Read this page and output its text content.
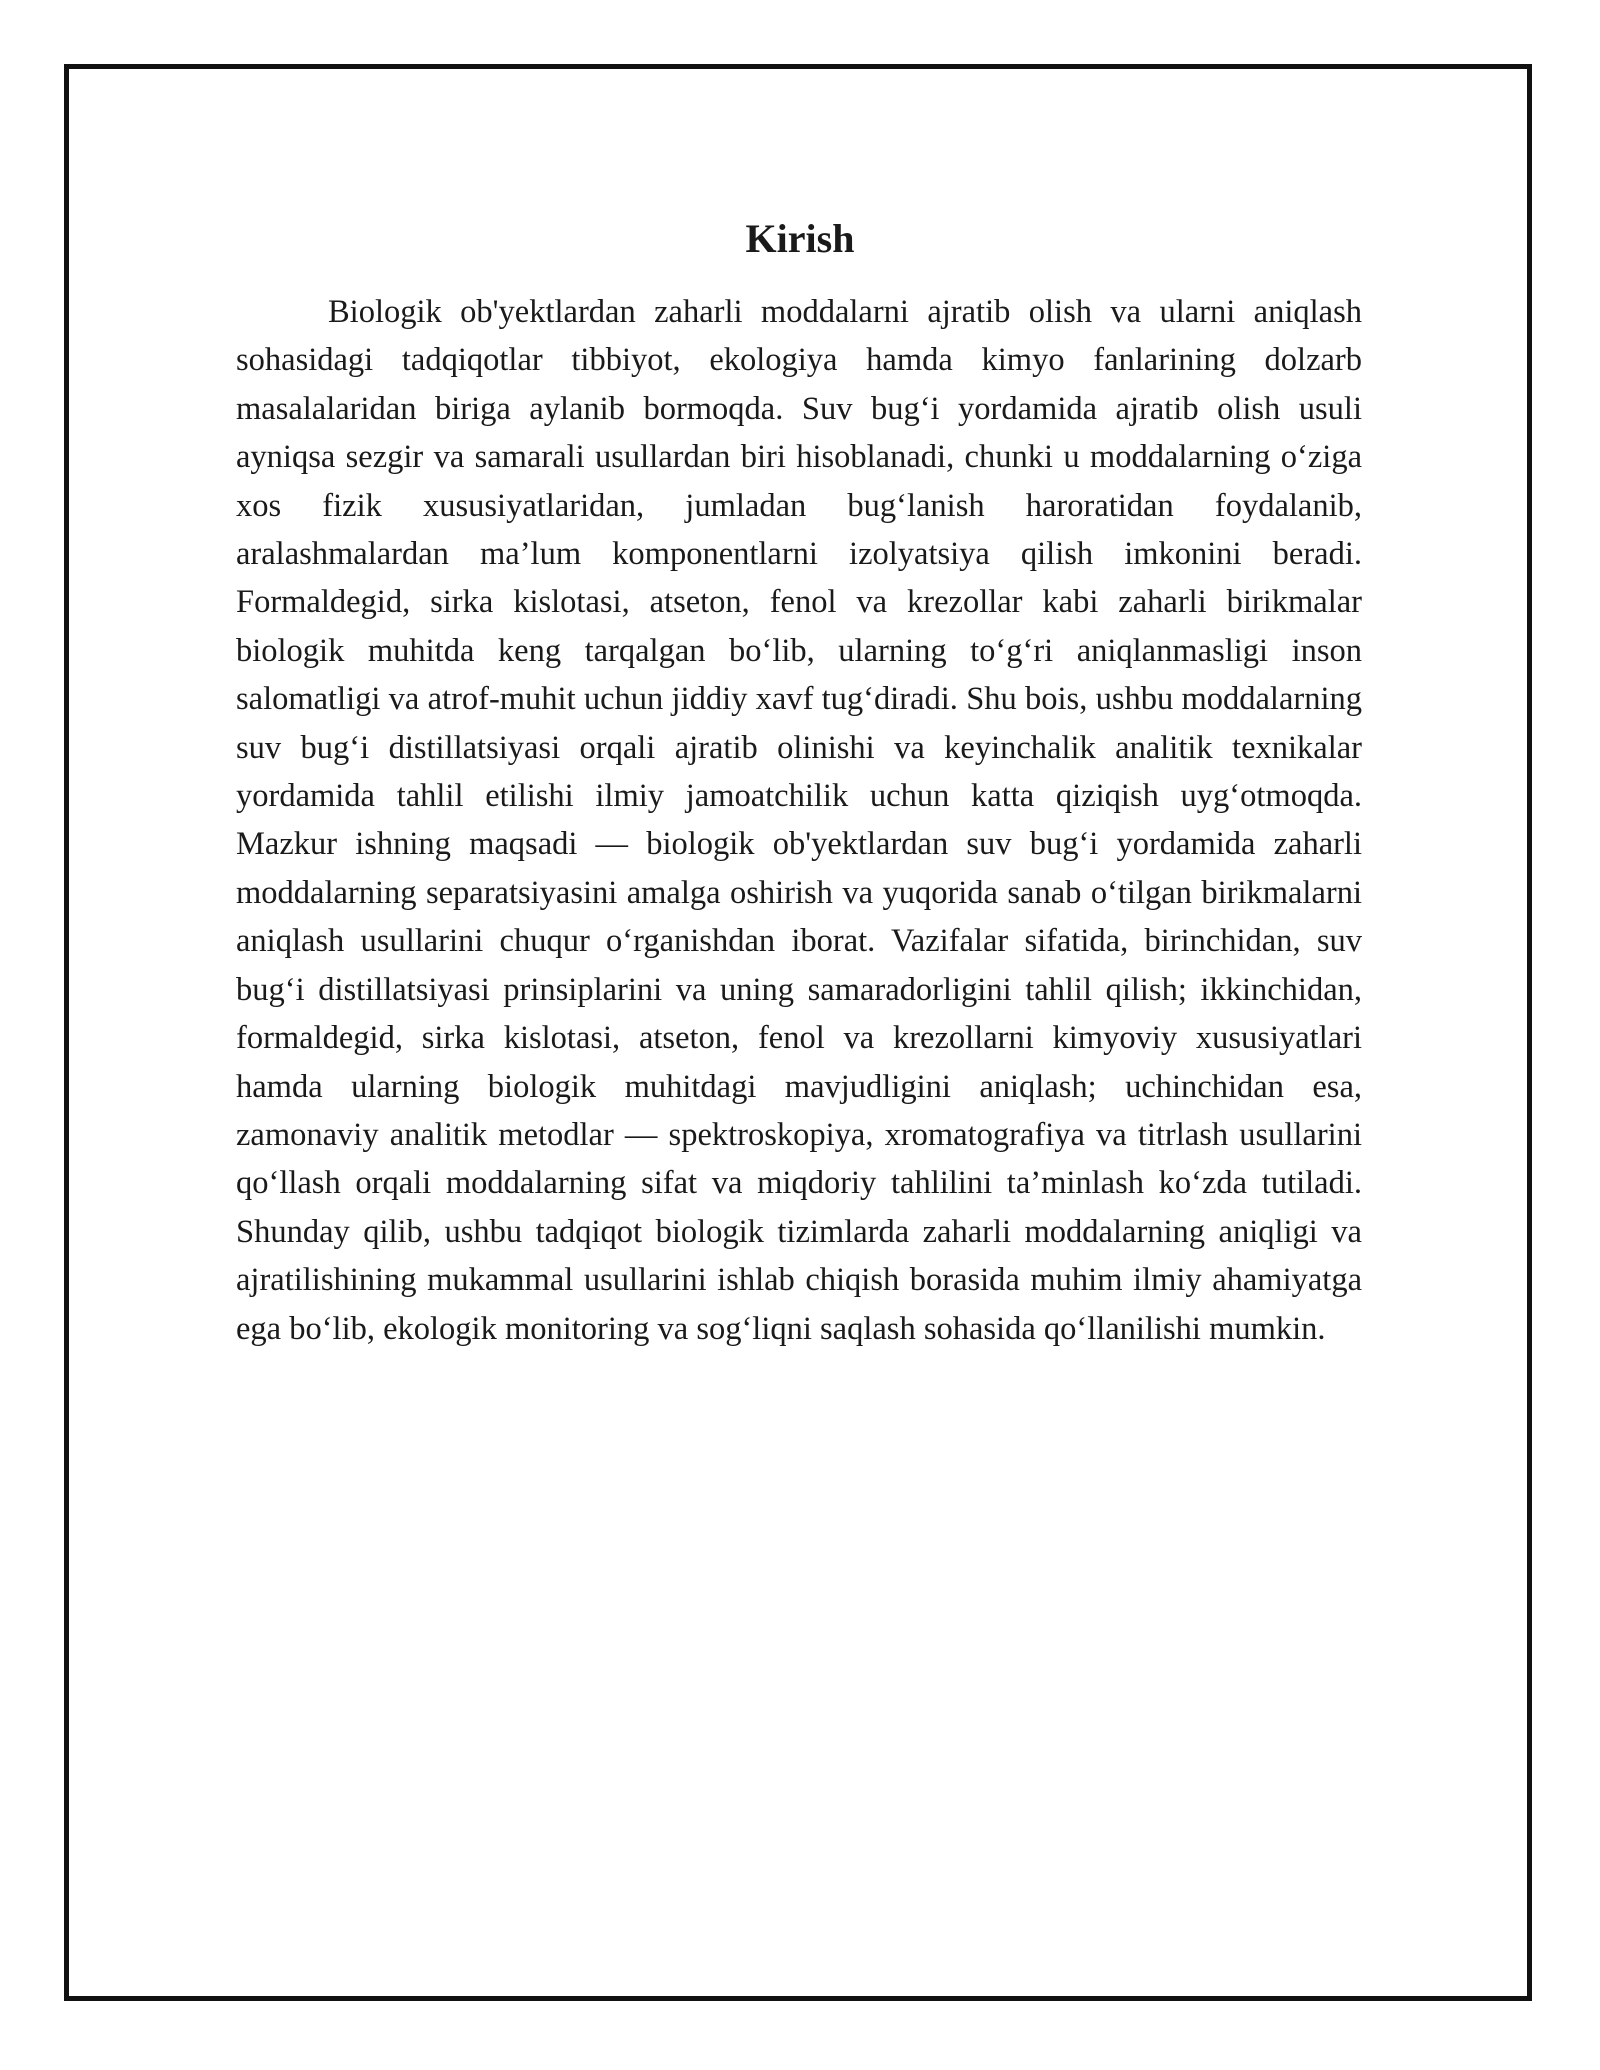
Kirish

Biologik ob'yektlardan zaharli moddalarni ajratib olish va ularni aniqlash sohasidagi tadqiqotlar tibbiyot, ekologiya hamda kimyo fanlarining dolzarb masalalaridan biriga aylanib bormoqda. Suv bug‘i yordamida ajratib olish usuli ayniqsa sezgir va samarali usullardan biri hisoblanadi, chunki u moddalarning o‘ziga xos fizik xususiyatlaridan, jumladan bug‘lanish haroratidan foydalanib, aralashmalardan ma’lum komponentlarni izolyatsiya qilish imkonini beradi. Formaldegid, sirka kislotasi, atseton, fenol va krezollar kabi zaharli birikmalar biologik muhitda keng tarqalgan bo‘lib, ularning to‘g‘ri aniqlanmasligi inson salomatligi va atrof-muhit uchun jiddiy xavf tug‘diradi. Shu bois, ushbu moddalarning suv bug‘i distillatsiyasi orqali ajratib olinishi va keyinchalik analitik texnikalar yordamida tahlil etilishi ilmiy jamoatchilik uchun katta qiziqish uyg‘otmoqda. Mazkur ishning maqsadi — biologik ob'yektlardan suv bug‘i yordamida zaharli moddalarning separatsiyasini amalga oshirish va yuqorida sanab o‘tilgan birikmalarni aniqlash usullarini chuqur o‘rganishdan iborat. Vazifalar sifatida, birinchidan, suv bug‘i distillatsiyasi prinsiplarini va uning samaradorligini tahlil qilish; ikkinchidan, formaldegid, sirka kislotasi, atseton, fenol va krezollarni kimyoviy xususiyatlari hamda ularning biologik muhitdagi mavjudligini aniqlash; uchinchidan esa, zamonaviy analitik metodlar — spektroskopiya, xromatografiya va titrlash usullarini qo‘llash orqali moddalarning sifat va miqdoriy tahlilini ta’minlash ko‘zda tutiladi. Shunday qilib, ushbu tadqiqot biologik tizimlarda zaharli moddalarning aniqligi va ajratilishining mukammal usullarini ishlab chiqish borasida muhim ilmiy ahamiyatga ega bo‘lib, ekologik monitoring va sog‘liqni saqlash sohasida qo‘llanilishi mumkin.
